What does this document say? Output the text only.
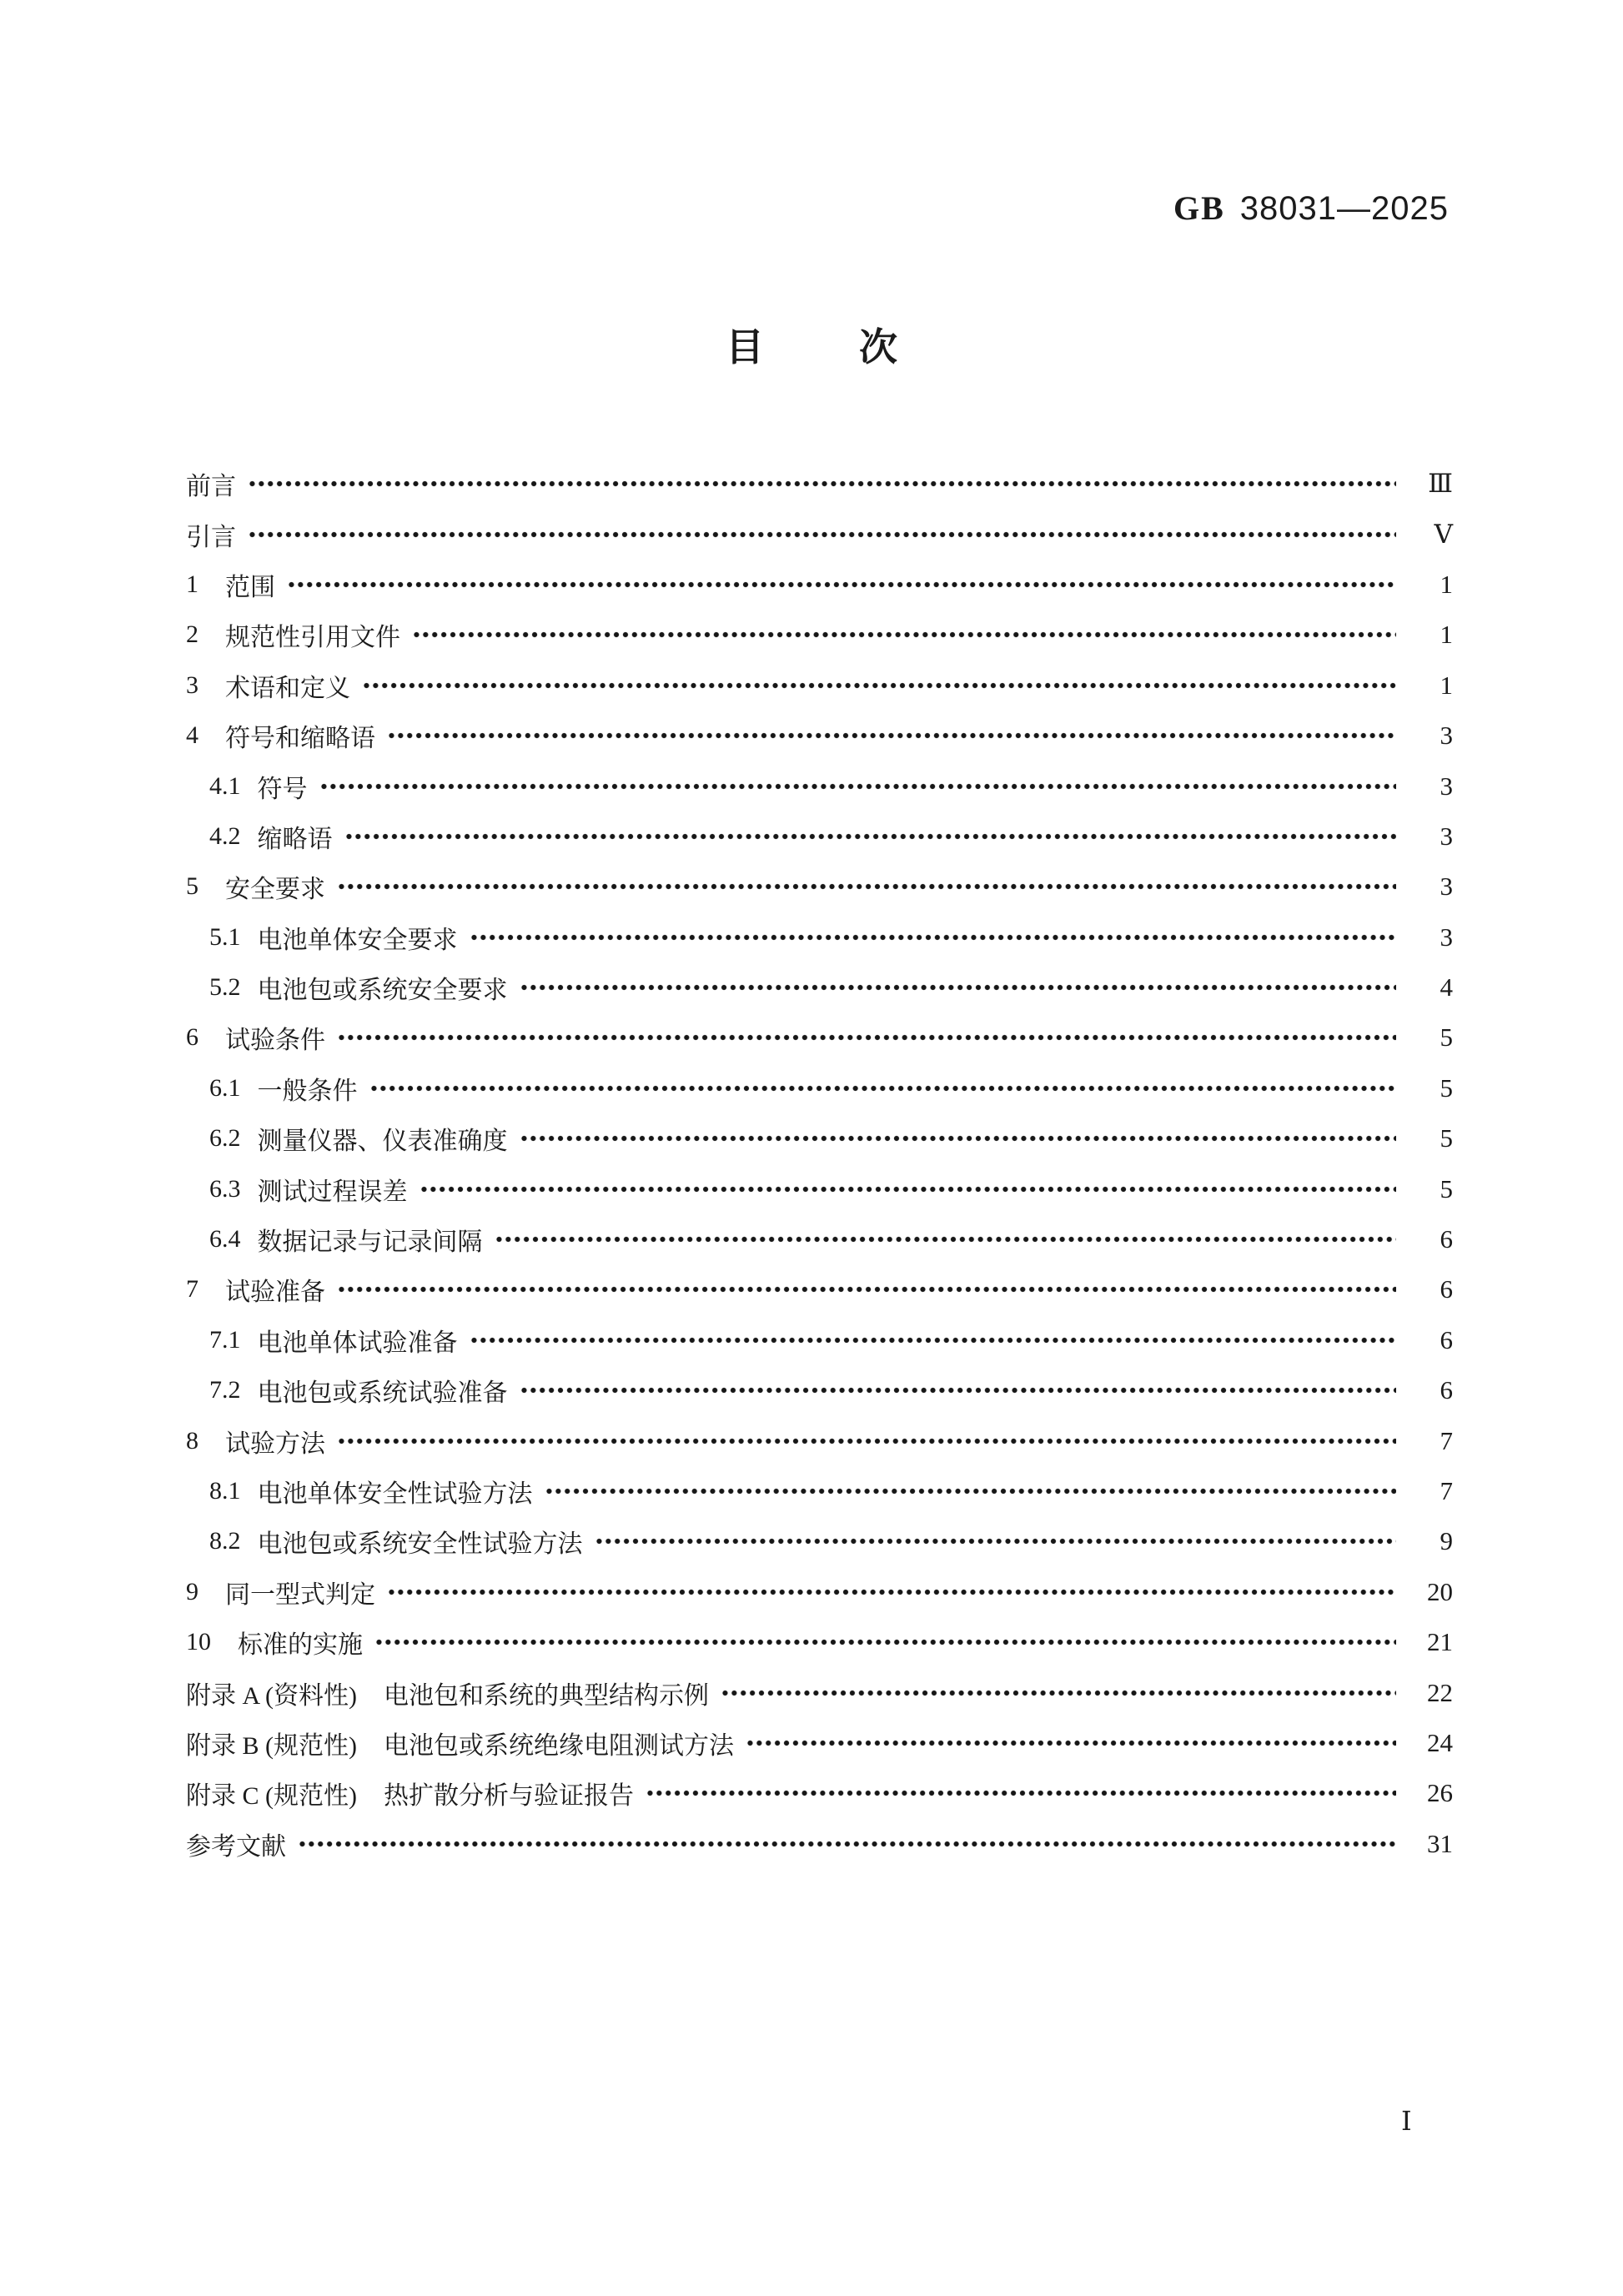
GB 38031—2025
目 次
前言	Ⅲ
引言	Ⅴ
1 范围	1
2 规范性引用文件	1
3 术语和定义	1
4 符号和缩略语	3
4.1 符号	3
4.2 缩略语	3
5 安全要求	3
5.1 电池单体安全要求	3
5.2 电池包或系统安全要求	4
6 试验条件	5
6.1 一般条件	5
6.2 测量仪器、仪表准确度	5
6.3 测试过程误差	5
6.4 数据记录与记录间隔	6
7 试验准备	6
7.1 电池单体试验准备	6
7.2 电池包或系统试验准备	6
8 试验方法	7
8.1 电池单体安全性试验方法	7
8.2 电池包或系统安全性试验方法	9
9 同一型式判定	20
10 标准的实施	21
附录 A (资料性) 电池包和系统的典型结构示例	22
附录 B (规范性) 电池包或系统绝缘电阻测试方法	24
附录 C (规范性) 热扩散分析与验证报告	26
参考文献	31
Ⅰ
